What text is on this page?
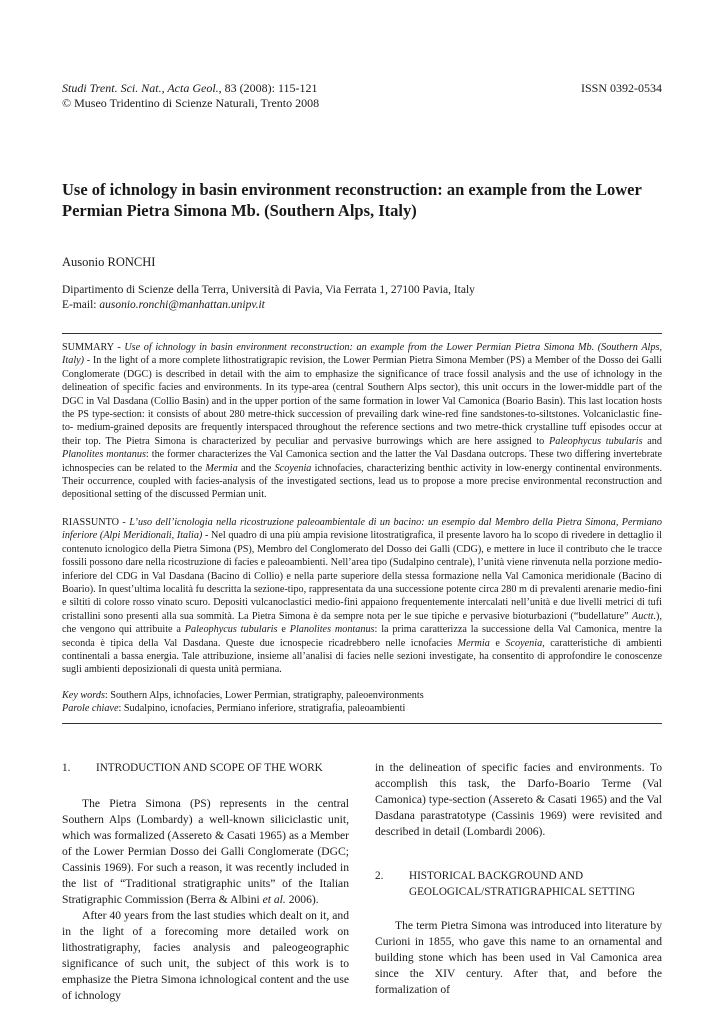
Studi Trent. Sci. Nat., Acta Geol., 83 (2008): 115-121
© Museo Tridentino di Scienze Naturali, Trento 2008
ISSN 0392-0534
Use of ichnology in basin environment reconstruction: an example from the Lower Permian Pietra Simona Mb. (Southern Alps, Italy)
Ausonio RONCHI
Dipartimento di Scienze della Terra, Università di Pavia, Via Ferrata 1, 27100 Pavia, Italy
E-mail: ausonio.ronchi@manhattan.unipv.it
SUMMARY - Use of ichnology in basin environment reconstruction: an example from the Lower Permian Pietra Simona Mb. (Southern Alps, Italy) - In the light of a more complete lithostratigrapic revision, the Lower Permian Pietra Simona Member (PS) a Member of the Dosso dei Galli Conglomerate (DGC) is described in detail with the aim to emphasize the significance of trace fossil analysis and the use of ichnology in the delineation of specific facies and environments. In its type-area (central Southern Alps sector), this unit occurs in the lower-middle part of the DGC in Val Dasdana (Collio Basin) and in the upper portion of the same formation in lower Val Camonica (Boario Basin). This last location hosts the PS type-section: it consists of about 280 metre-thick succession of prevailing dark wine-red fine sandstones-to-siltstones. Volcaniclastic fine-to- medium-grained deposits are frequently interspaced throughout the reference sections and two metre-thick crystalline tuff episodes occur at their top. The Pietra Simona is characterized by peculiar and pervasive burrowings which are here assigned to Paleophycus tubularis and Planolites montanus: the former characterizes the Val Camonica section and the latter the Val Dasdana outcrops. These two differing invertebrate ichnospecies can be related to the Mermia and the Scoyenia ichnofacies, characterizing benthic activity in low-energy continental environments. Their occurrence, coupled with facies-analysis of the investigated sections, lead us to propose a more precise environmental reconstruction and depositional setting of the discussed Permian unit.
RIASSUNTO - L’uso dell’icnologia nella ricostruzione paleoambientale di un bacino: un esempio dal Membro della Pietra Simona, Permiano inferiore (Alpi Meridionali, Italia) - Nel quadro di una più ampia revisione litostratigrafica, il presente lavoro ha lo scopo di rivedere in dettaglio il contenuto icnologico della Pietra Simona (PS), Membro del Conglomerato del Dosso dei Galli (CDG), e mettere in luce il contributo che le tracce fossili possono dare nella ricostruzione di facies e paleoambienti. Nell’area tipo (Sudalpino centrale), l’unità viene rinvenuta nella porzione medio-inferiore del CDG in Val Dasdana (Bacino di Collio) e nella parte superiore della stessa formazione nella Val Camonica meridionale (Bacino di Boario). In quest’ultima località fu descritta la sezione-tipo, rappresentata da una successione potente circa 280 m di prevalenti arenarie medio-fini e siltiti di colore rosso vinato scuro. Depositi vulcanoclastici medio-fini appaiono frequentemente intercalati nell’unità e due livelli metrici di tufi cristallini sono presenti alla sua sommità. La Pietra Simona è da sempre nota per le sue tipiche e pervasive bioturbazioni (“budellature” Auctt.), che vengono qui attribuite a Paleophycus tubularis e Planolites montanus: la prima caratterizza la successione della Val Camonica, mentre la seconda è tipica della Val Dasdana. Queste due icnospecie ricadrebbero nelle icnofacies Mermia e Scoyenia, caratteristiche di ambienti continentali a bassa energia. Tale attribuzione, insieme all’analisi di facies nelle sezioni investigate, ha consentito di approfondire le conoscenze sugli ambienti deposizionali di questa unità permiana.
Key words: Southern Alps, ichnofacies, Lower Permian, stratigraphy, paleoenvironments
Parole chiave: Sudalpino, icnofacies, Permiano inferiore, stratigrafia, paleoambienti
1.	INTRODUCTION AND SCOPE OF THE WORK

The Pietra Simona (PS) represents in the central Southern Alps (Lombardy) a well-known siliciclastic unit, which was formalized (Assereto & Casati 1965) as a Member of the Lower Permian Dosso dei Galli Conglomerate (DGC; Cassinis 1969). For such a reason, it was recently included in the list of “Traditional stratigraphic units” of the Italian Stratigraphic Commission (Berra & Albini et al. 2006).

After 40 years from the last studies which dealt on it, and in the light of a forecoming more detailed work on lithostratigraphy, facies analysis and paleogeographic significance of such unit, the subject of this work is to emphasize the Pietra Simona ichnological content and the use of ichnology

in the delineation of specific facies and environments. To accomplish this task, the Darfo-Boario Terme (Val Camonica) type-section (Assereto & Casati 1965) and the Val Dasdana parastratotype (Cassinis 1969) were revisited and described in detail (Lombardi 2006).

2.	HISTORICAL BACKGROUND AND
GEOLOGICAL/STRATIGRAPHICAL SETTING

The term Pietra Simona was introduced into literature by Curioni in 1855, who gave this name to an ornamental and building stone which has been used in Val Camonica area since the XIV century. After that, and before the formalization of
